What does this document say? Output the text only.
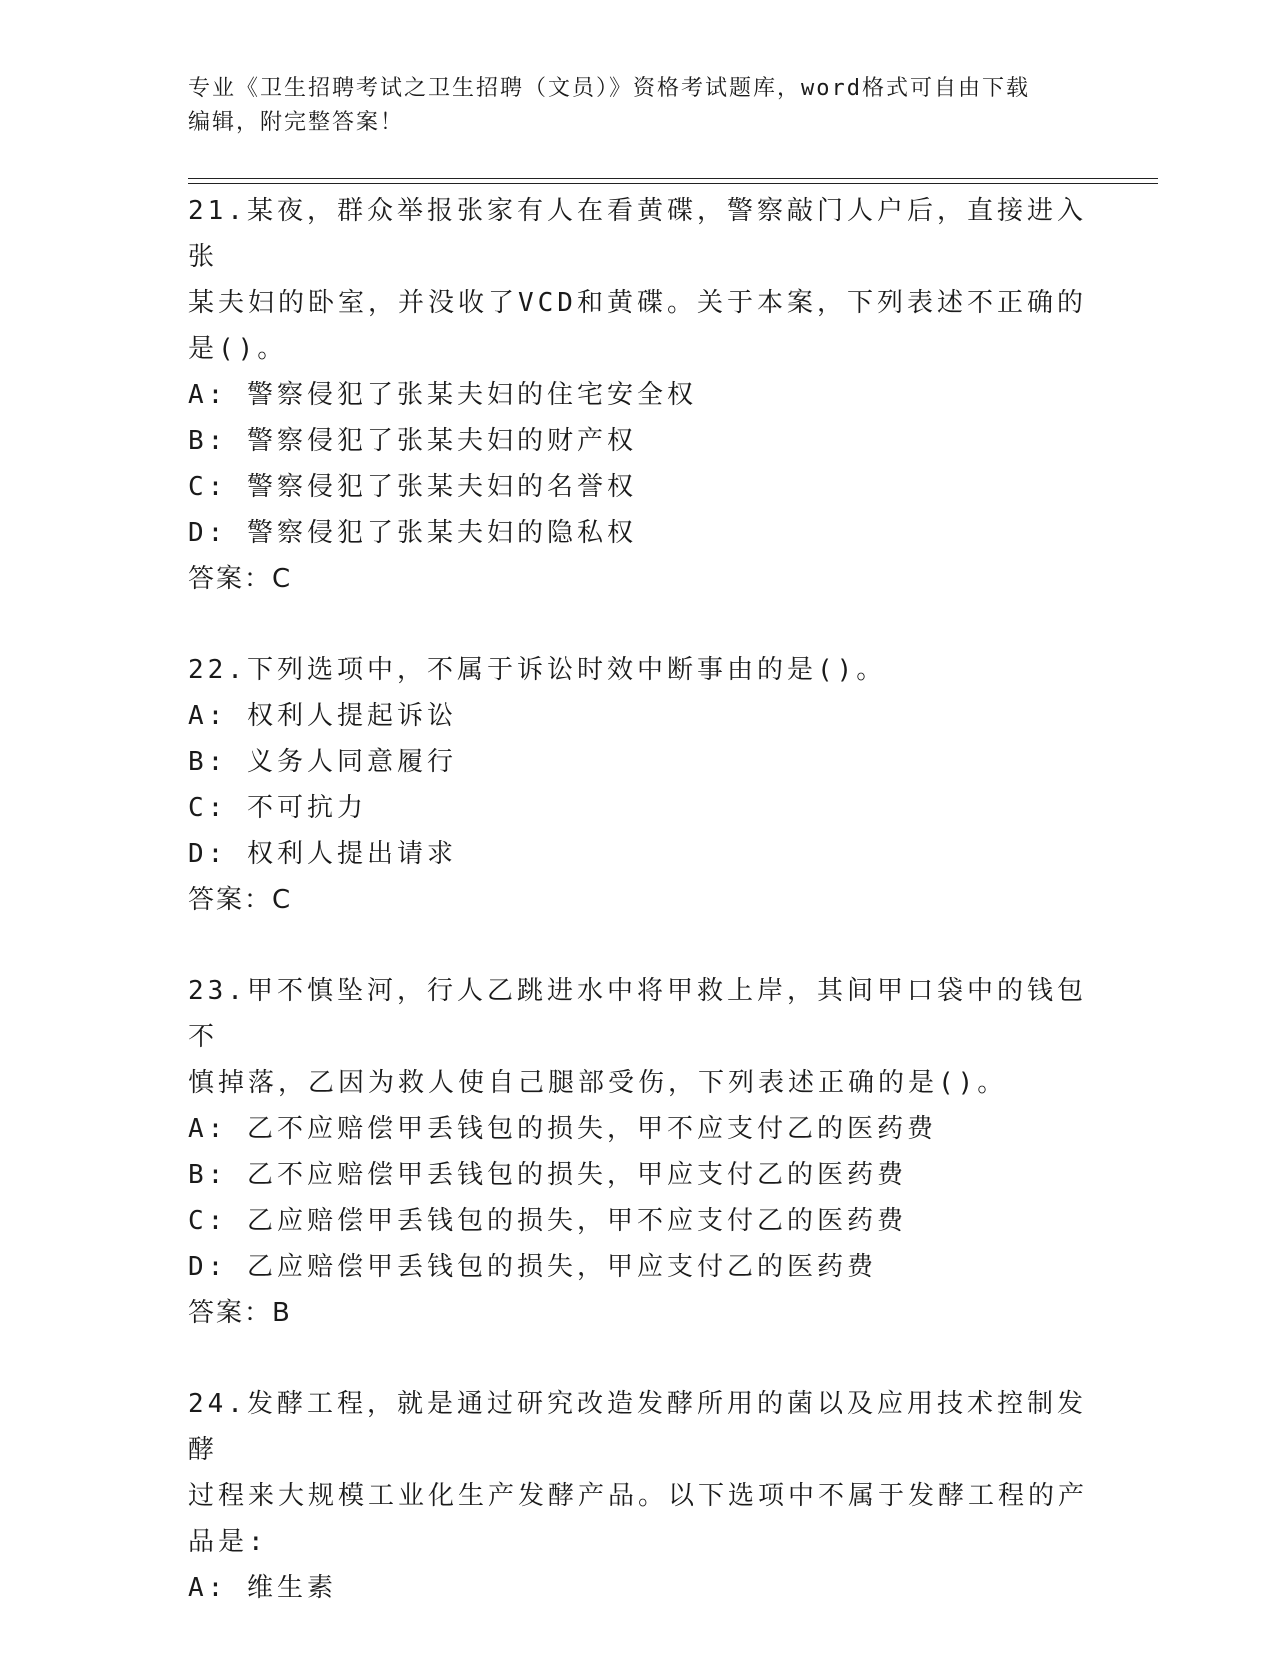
专业《卫生招聘考试之卫生招聘（文员）》资格考试题库，word格式可自由下载
编辑，附完整答案！

21.某夜，群众举报张家有人在看黄碟，警察敲门人户后，直接进入张

某夫妇的卧室，并没收了VCD和黄碟。关于本案，下列表述不正确的

是()。

A: 警察侵犯了张某夫妇的住宅安全权

B: 警察侵犯了张某夫妇的财产权

C: 警察侵犯了张某夫妇的名誉权

D: 警察侵犯了张某夫妇的隐私权

答案：C

22.下列选项中，不属于诉讼时效中断事由的是()。

A: 权利人提起诉讼

B: 义务人同意履行

C: 不可抗力

D: 权利人提出请求

答案：C

23.甲不慎坠河，行人乙跳进水中将甲救上岸，其间甲口袋中的钱包不

慎掉落，乙因为救人使自己腿部受伤，下列表述正确的是()。

A: 乙不应赔偿甲丢钱包的损失，甲不应支付乙的医药费

B: 乙不应赔偿甲丢钱包的损失，甲应支付乙的医药费

C: 乙应赔偿甲丢钱包的损失，甲不应支付乙的医药费

D: 乙应赔偿甲丢钱包的损失，甲应支付乙的医药费

答案：B

24.发酵工程，就是通过研究改造发酵所用的菌以及应用技术控制发酵

过程来大规模工业化生产发酵产品。以下选项中不属于发酵工程的产

品是:

A: 维生素
